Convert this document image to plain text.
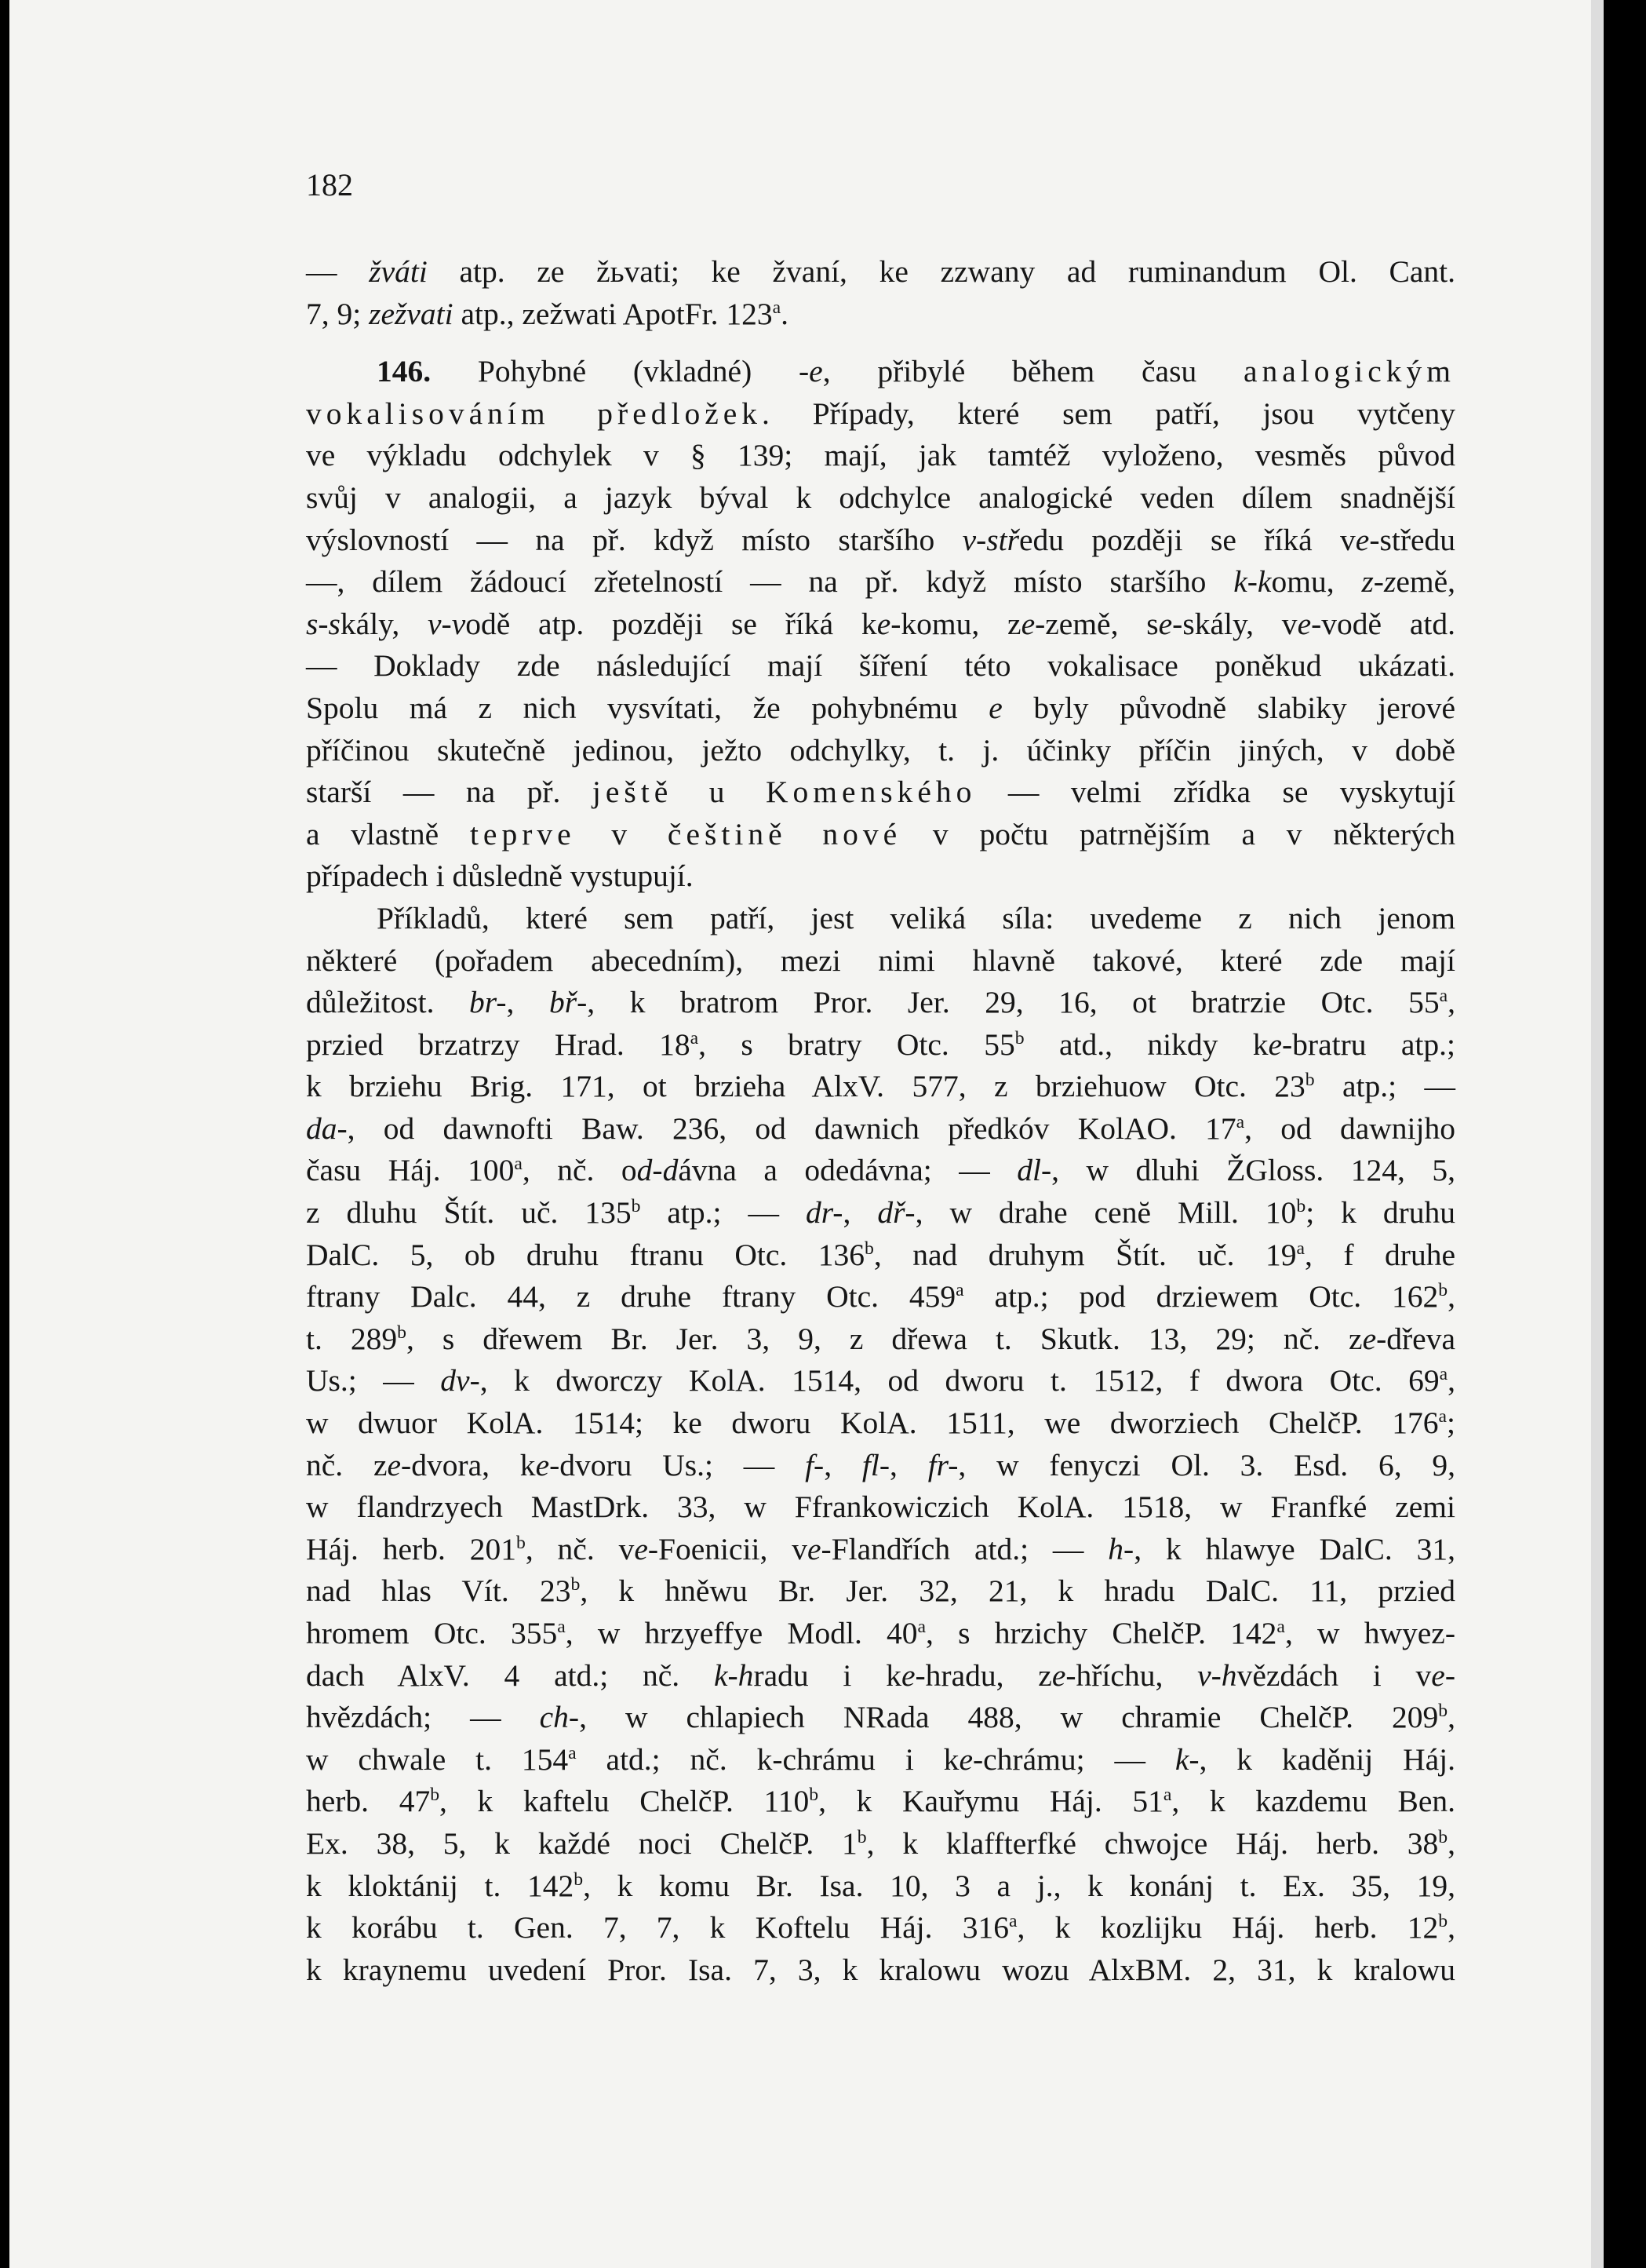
182
— žváti atp. ze žьvati; ke žvaní, ke zzwany ad ruminandum Ol. Cant.
7, 9; zežvati atp., zežwati ApotFr. 123$^a$.
146. Pohybné (vkladné) -e, přibylé během času analogickým
vokalisováním předložek. Případy, které sem patří, jsou vytčeny
ve výkladu odchylek v § 139; mají, jak tamtéž vyloženo, vesměs původ
svůj v analogii, a jazyk býval k odchylce analogické veden dílem snadnější
výslovností — na př. když místo staršího v-středu později se říká ve-středu
—, dílem žádoucí zřetelností — na př. když místo staršího k-komu, z-země,
s-skály, v-vodě atp. později se říká ke-komu, ze-země, se-skály, ve-vodě atd.
— Doklady zde následující mají šíření této vokalisace poněkud ukázati.
Spolu má z nich vysvítati, že pohybnému e byly původně slabiky jerové
příčinou skutečně jedinou, ježto odchylky, t. j. účinky příčin jiných, v době
starší — na př. ještě u Komenského — velmi zřídka se vyskytují
a vlastně teprve v češtině nové v počtu patrnějším a v některých
případech i důsledně vystupují.
Příkladů, které sem patří, jest veliká síla: uvedeme z nich jenom
některé (pořadem abecedním), mezi nimi hlavně takové, které zde mají
důležitost. br-, bř-, k bratrom Pror. Jer. 29, 16, ot bratrzie Otc. 55$^a$,
przied brzatrzy Hrad. 18$^a$, s bratry Otc. 55$^b$ atd., nikdy ke-bratru atp.;
k brziehu Brig. 171, ot brzieha AlxV. 577, z brziehuow Otc. 23$^b$ atp.; —
da-, od dawnofti Baw. 236, od dawnich předkóv KolAO. 17$^a$, od dawnijho
času Háj. 100$^a$, nč. od-dávna a odedávna; — dl-, w dluhi ŽGloss. 124, 5,
z dluhu Štít. uč. 135$^b$ atp.; — dr-, dř-, w drahe cenĕ Mill. 10$^b$; k druhu
DalC. 5, ob druhu ftranu Otc. 136$^b$, nad druhym Štít. uč. 19$^a$, f druhe
ftrany Dalc. 44, z druhe ftrany Otc. 459$^a$ atp.; pod drziewem Otc. 162$^b$,
t. 289$^b$, s dřewem Br. Jer. 3, 9, z dřewa t. Skutk. 13, 29; nč. ze-dřeva
Us.; — dv-, k dworczy KolA. 1514, od dworu t. 1512, f dwora Otc. 69$^a$,
w dwuor KolA. 1514; ke dworu KolA. 1511, we dworziech ChelčP. 176$^a$;
nč. ze-dvora, ke-dvoru Us.; — f-, fl-, fr-, w fenyczi Ol. 3. Esd. 6, 9,
w flandrzyech MastDrk. 33, w Ffrankowiczich KolA. 1518, w Franfké zemi
Háj. herb. 201$^b$, nč. ve-Foenicii, ve-Flandřích atd.; — h-, k hlawye DalC. 31,
nad hlas Vít. 23$^b$, k hněwu Br. Jer. 32, 21, k hradu DalC. 11, przied
hromem Otc. 355$^a$, w hrzyeffye Modl. 40$^a$, s hrzichy ChelčP. 142$^a$, w hwyez-
dach AlxV. 4 atd.; nč. k-hradu i ke-hradu, ze-hříchu, v-hvězdách i ve-
hvězdách; — ch-, w chlapiech NRada 488, w chramie ChelčP. 209$^b$,
w chwale t. 154$^a$ atd.; nč. k-chrámu i ke-chrámu; — k-, k kaděnij Háj.
herb. 47$^b$, k kaftelu ChelčP. 110$^b$, k Kauřymu Háj. 51$^a$, k kazdemu Ben.
Ex. 38, 5, k každé noci ChelčP. 1$^b$, k klaffterfké chwojce Háj. herb. 38$^b$,
k kloktánij t. 142$^b$, k komu Br. Isa. 10, 3 a j., k konánj t. Ex. 35, 19,
k korábu t. Gen. 7, 7, k Koftelu Háj. 316$^a$, k kozlijku Háj. herb. 12$^b$,
k kraynemu uvedení Pror. Isa. 7, 3, k kralowu wozu AlxBM. 2, 31, k kralowu
